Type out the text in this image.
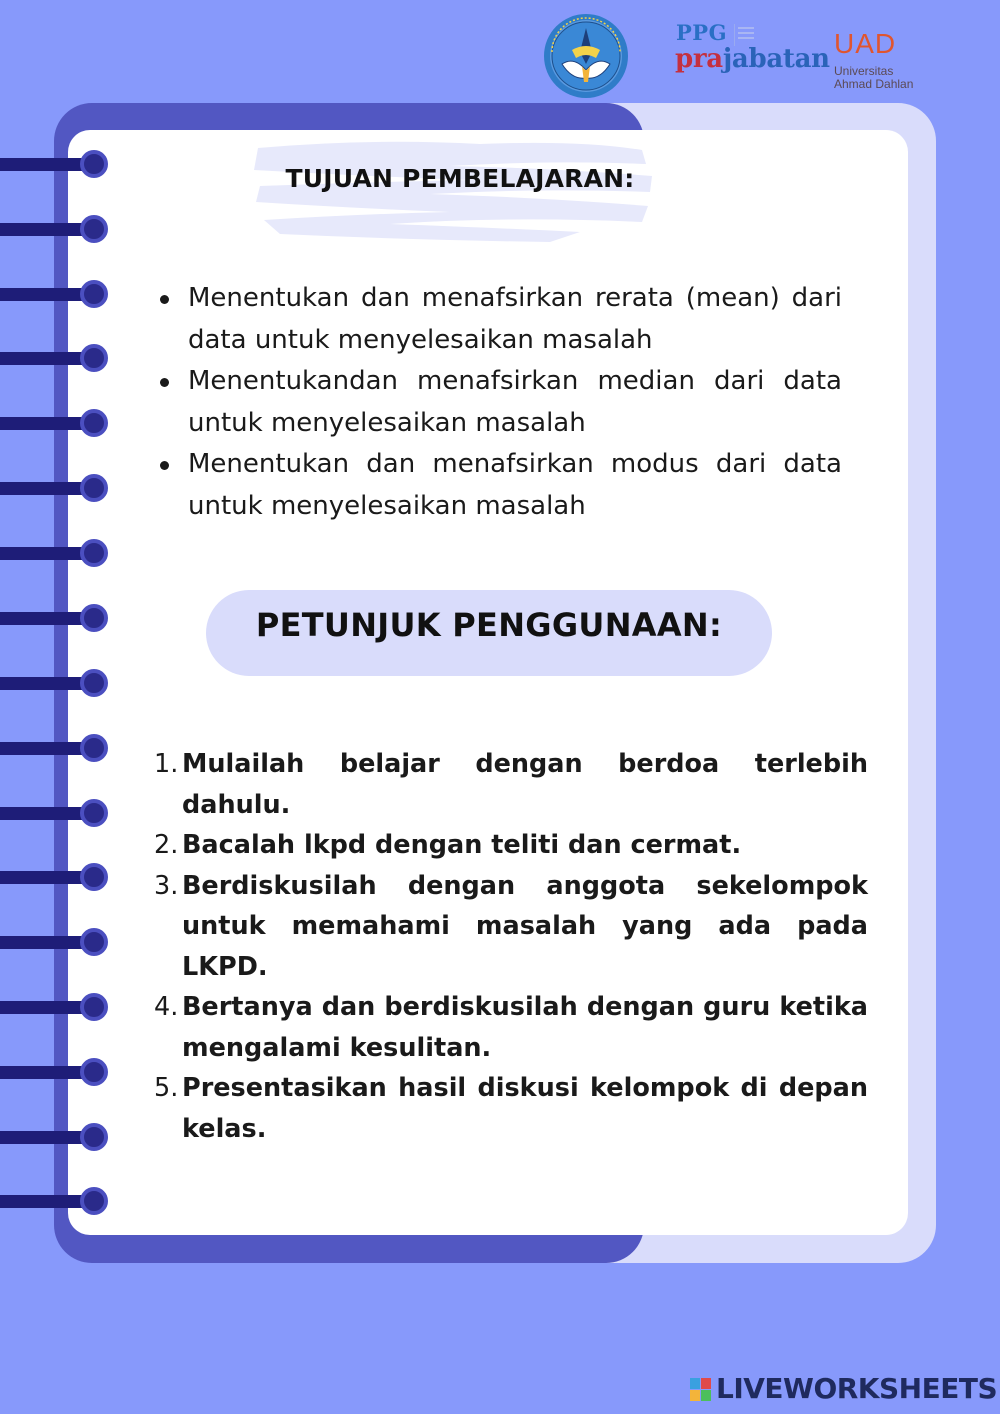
PPG
prajabatan UAD
Universitas
Ahmad Dahlan
TUJUAN PEMBELAJARAN:

Menentukan dan menafsirkan rerata (mean) dari data untuk menyelesaikan masalah

Menentukandan menafsirkan median dari data untuk menyelesaikan masalah

Menentukan dan menafsirkan modus dari data untuk menyelesaikan masalah

PETUNJUK PENGGUNAAN:

1. Mulailah belajar dengan berdoa terlebih dahulu.

2. Bacalah lkpd dengan teliti dan cermat.

3. Berdiskusilah dengan anggota sekelompok untuk memahami masalah yang ada pada LKPD.

4. Bertanya dan berdiskusilah dengan guru ketika mengalami kesulitan.

5. Presentasikan hasil diskusi kelompok di depan kelas.

LIVEWORKSHEETS
